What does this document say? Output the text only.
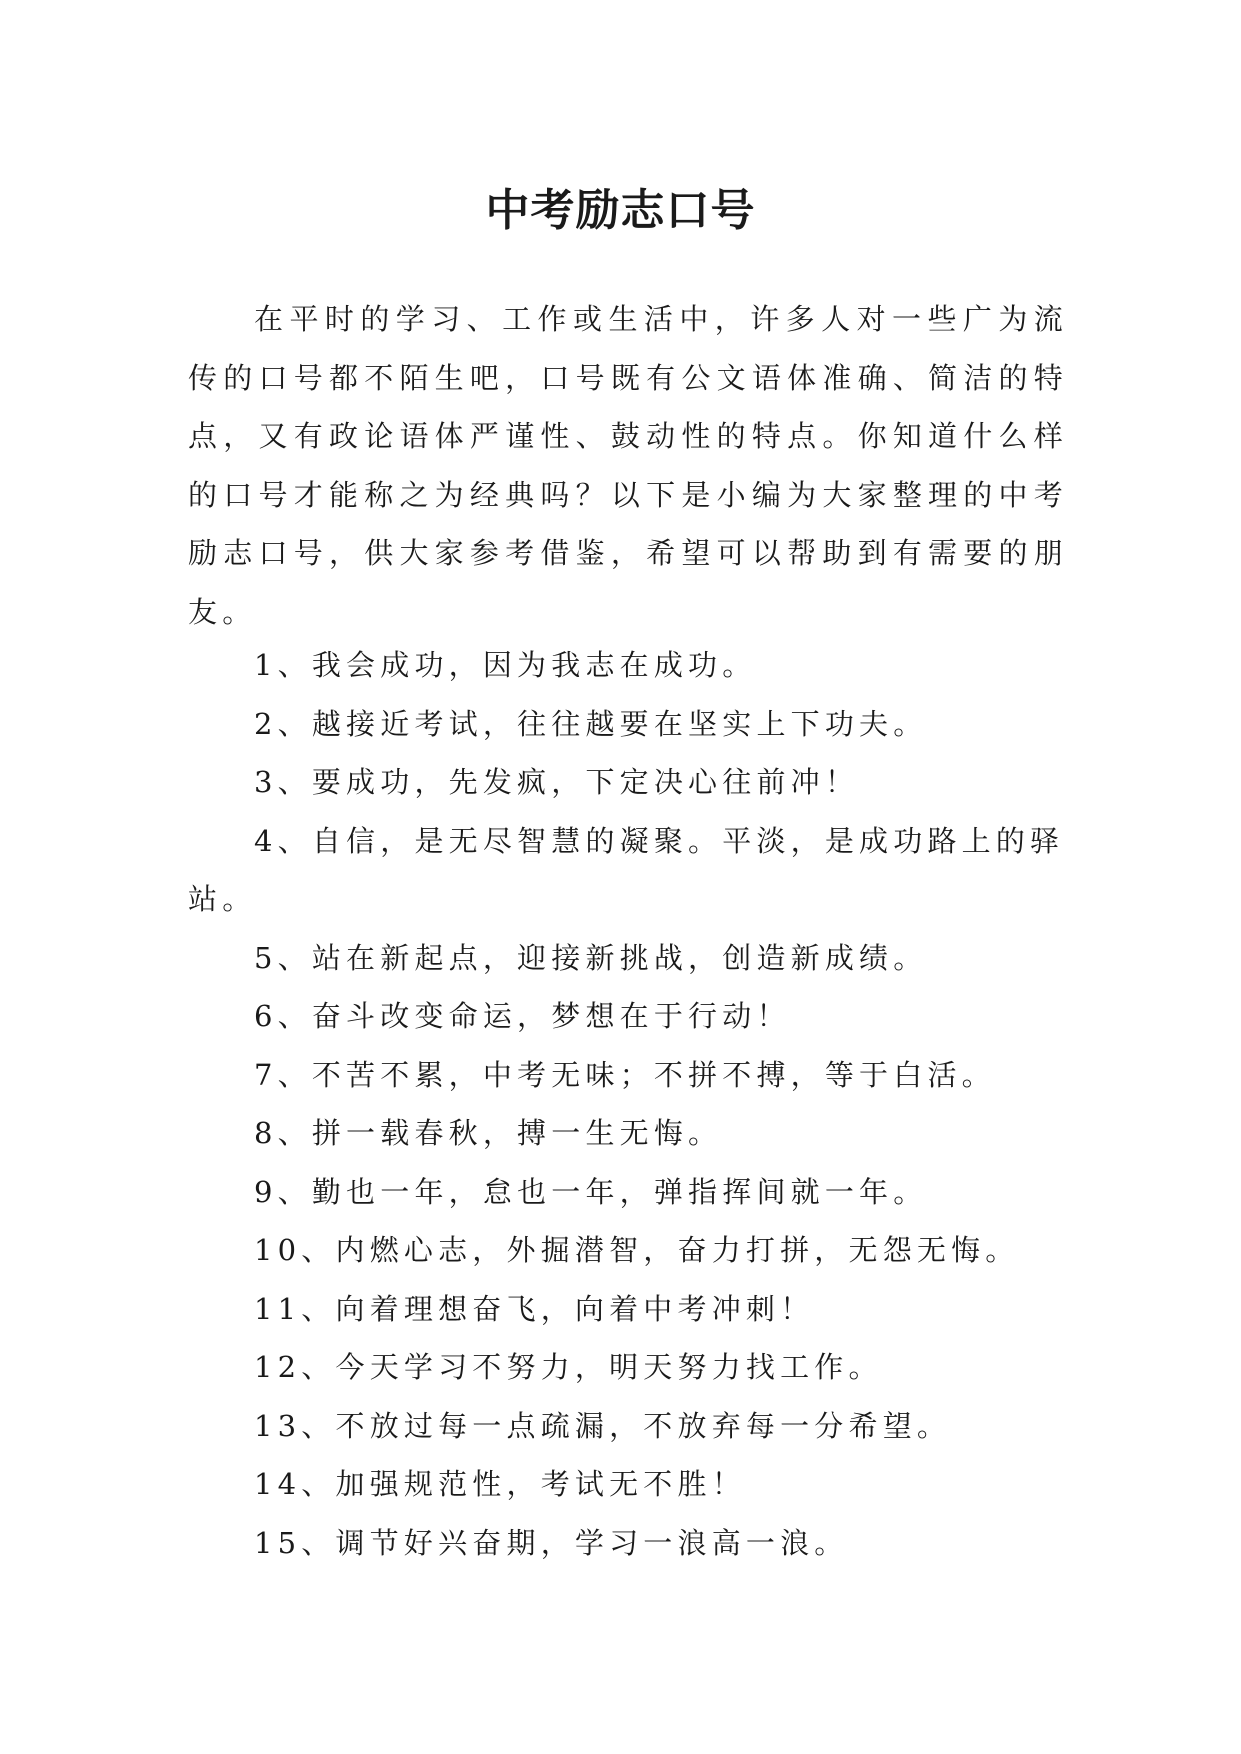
中考励志口号

在平时的学习、工作或生活中，许多人对一些广为流传的口号都不陌生吧，口号既有公文语体准确、简洁的特点，又有政论语体严谨性、鼓动性的特点。你知道什么样的口号才能称之为经典吗？以下是小编为大家整理的中考励志口号，供大家参考借鉴，希望可以帮助到有需要的朋友。

1、我会成功，因为我志在成功。
2、越接近考试，往往越要在坚实上下功夫。
3、要成功，先发疯，下定决心往前冲！
4、自信，是无尽智慧的凝聚。平淡，是成功路上的驿站。
5、站在新起点，迎接新挑战，创造新成绩。
6、奋斗改变命运，梦想在于行动！
7、不苦不累，中考无味；不拼不搏，等于白活。
8、拼一载春秋，搏一生无悔。
9、勤也一年，怠也一年，弹指挥间就一年。
10、内燃心志，外掘潜智，奋力打拼，无怨无悔。
11、向着理想奋飞，向着中考冲刺！
12、今天学习不努力，明天努力找工作。
13、不放过每一点疏漏，不放弃每一分希望。
14、加强规范性，考试无不胜！
15、调节好兴奋期，学习一浪高一浪。
